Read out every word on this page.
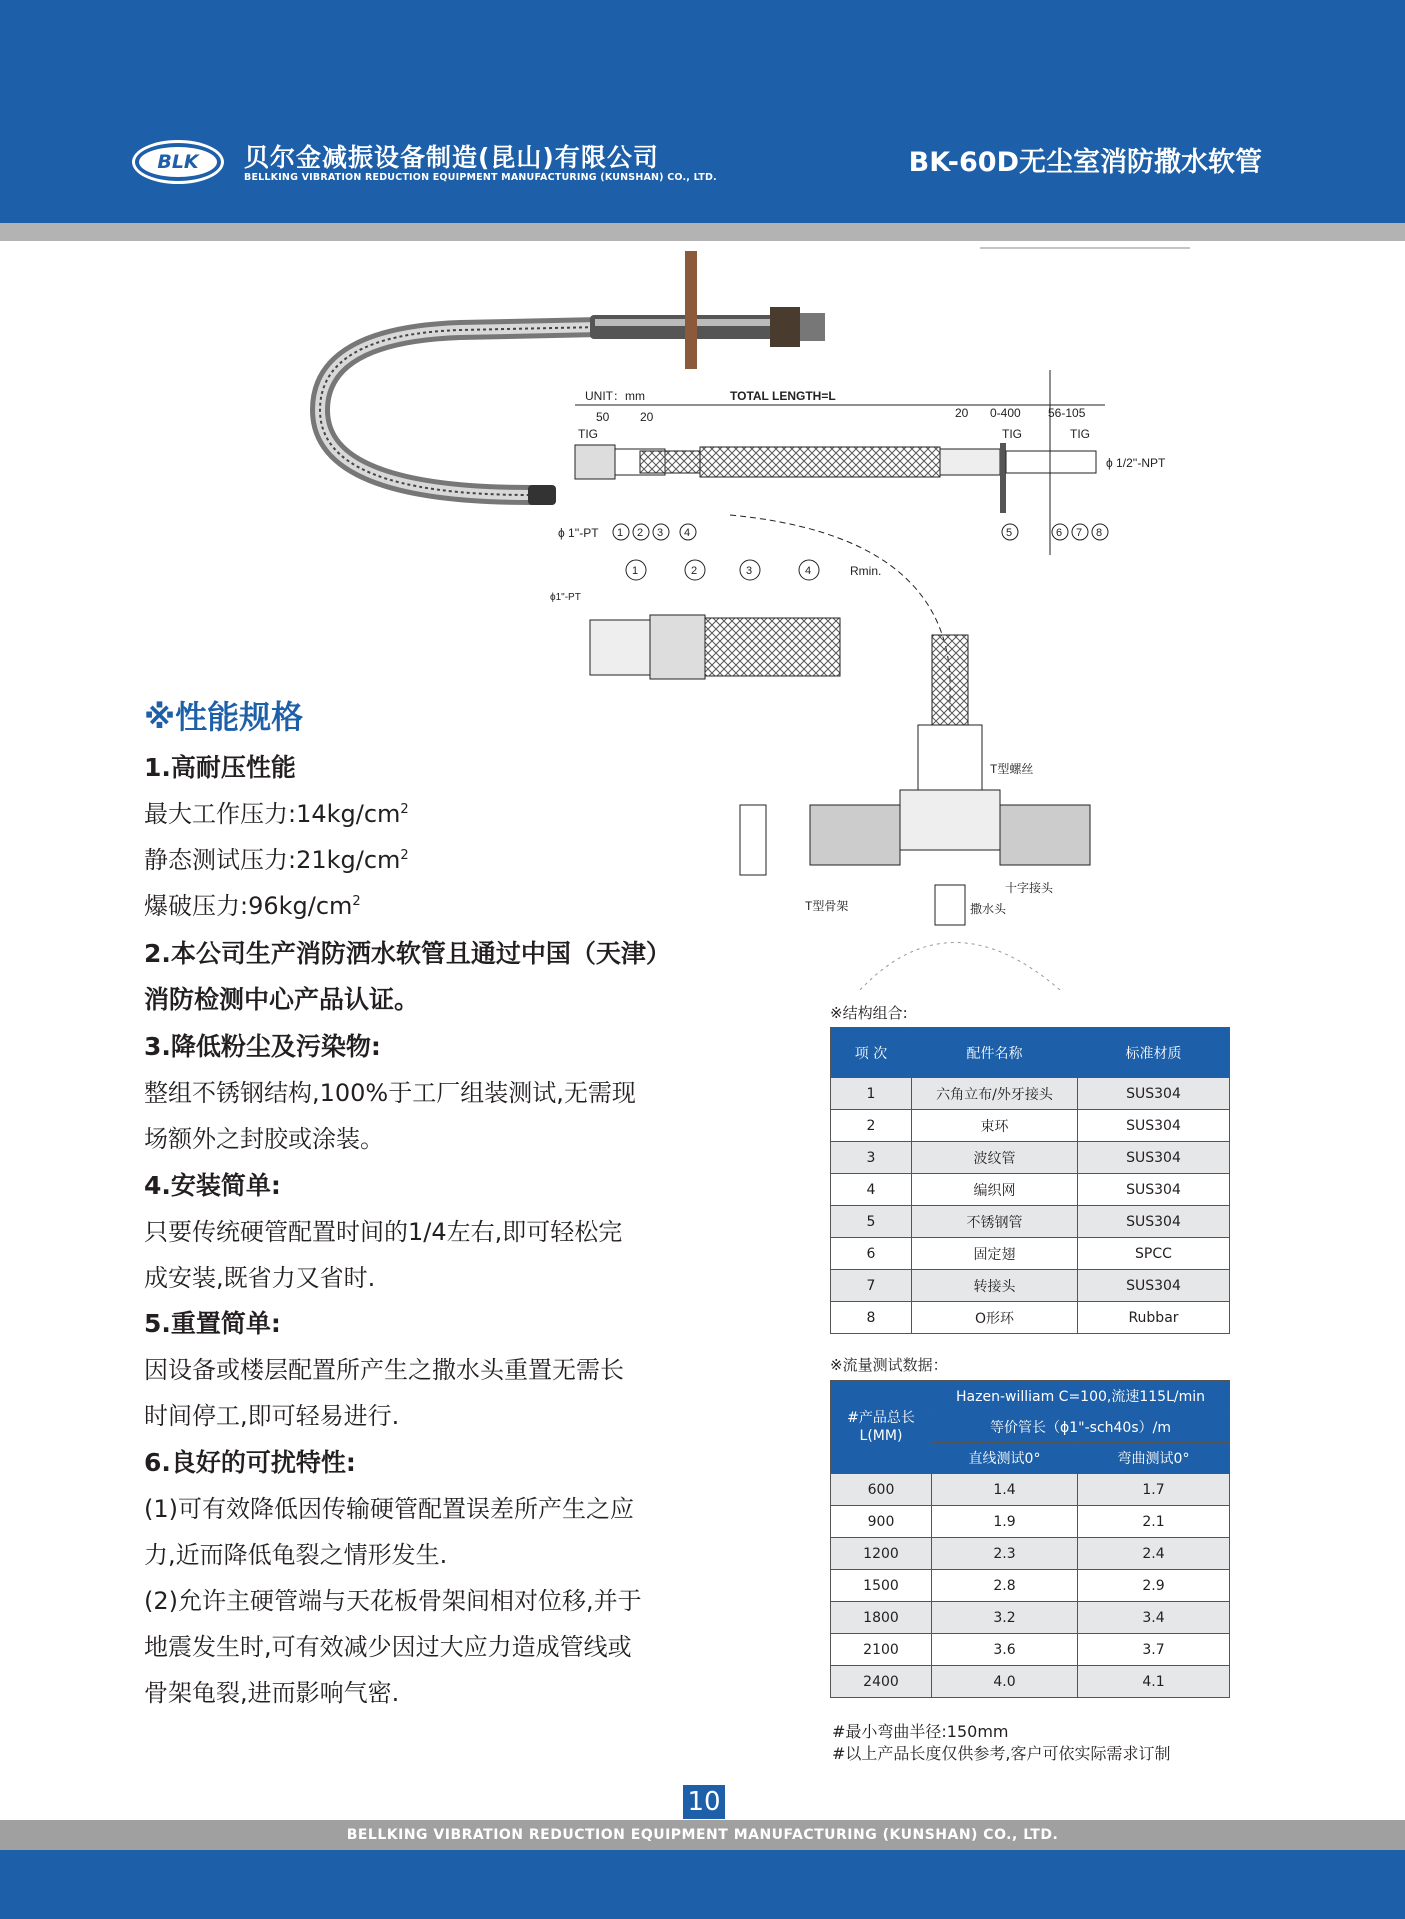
BLK	贝尔金减振设备制造(昆山)有限公司
BELLKING VIBRATION REDUCTION EQUIPMENT MANUFACTURING (KUNSHAN) CO., LTD.	BK-60D无尘室消防撒水软管
UNIT：mm	TOTAL LENGTH=L
50	20	20 0-400 56-105
TIG	TIG	TIG
ϕ 1/2''-NPT
ϕ 1''-PT 1 2 3 4	5	6 7 8
Rmin.
T型螺丝
十字接头
撒水头
T型骨架
1	2	3	4
ϕ1"-PT
※性能规格
1.高耐压性能
最大工作压力$:14kg/cm^2$
静态测试压力$:21kg/cm^2$
爆破压力$:96kg/cm^2$
2.本公司生产消防洒水软管且通过中国（天津）
消防检测中心产品认证。
3.降低粉尘及污染物:
整组不锈钢结构,100%于工厂组装测试,无需现
场额外之封胶或涂装。
4.安装简单:
只要传统硬管配置时间的1/4左右,即可轻松完
成安装,既省力又省时.
5.重置简单:
因设备或楼层配置所产生之撒水头重置无需长
时间停工,即可轻易进行.
6.良好的可扰特性:
(1)可有效降低因传输硬管配置误差所产生之应
力,近而降低龟裂之情形发生.
(2)允许主硬管端与天花板骨架间相对位移,并于
地震发生时,可有效减少因过大应力造成管线或
骨架龟裂,进而影响气密.
※结构组合:
项 次	配件名称	标准材质
1	六角立布/外牙接头	SUS304
2	束环	SUS304
3	波纹管	SUS304
4	编织网	SUS304
5	不锈钢管	SUS304
6	固定翅	SPCC
7	转接头	SUS304
8	O形环	Rubbar
※流量测试数据：
#产品总长 L(MM)	Hazen-william C=100,流速115L/min	
	等价管长（ϕ1"-sch40s）/m	
	直线测试0°	弯曲测试0°
600	1.4	1.7
900	1.9	2.1
1200	2.3	2.4
1500	2.8	2.9
1800	3.2	3.4
2100	3.6	3.7
2400	4.0	4.1
#最小弯曲半径:150mm
#以上产品长度仅供参考,客户可依实际需求订制
10
BELLKING VIBRATION REDUCTION EQUIPMENT MANUFACTURING (KUNSHAN) CO., LTD.
